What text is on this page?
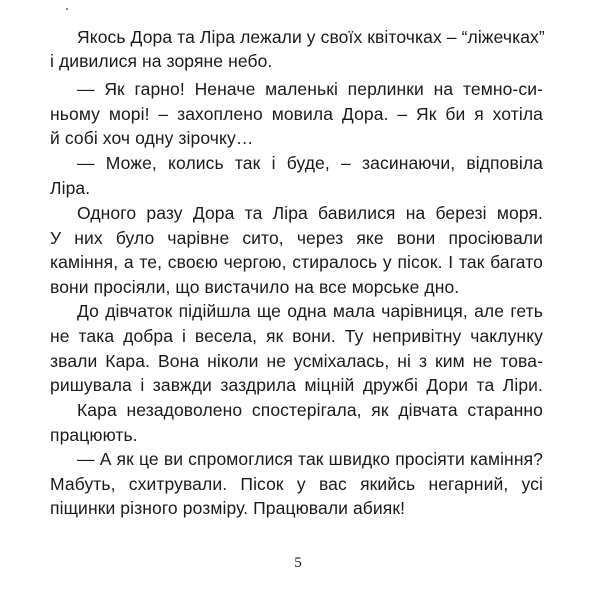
Якось Дора та Ліра лежали у своїх квіточках – “ліжечках”
і дивилися на зоряне небо.
— Як гарно! Неначе маленькі перлинки на темно-си-
ньому морі! – захоплено мовила Дора. – Як би я хотіла
й собі хоч одну зірочку…
— Може, колись так і буде, – засинаючи, відповіла
Ліра.
Одного разу Дора та Ліра бавилися на березі моря.
У них було чарівне сито, через яке вони просіювали
каміння, а те, своєю чергою, стиралось у пісок. І так багато
вони просіяли, що вистачило на все морське дно.
До дівчаток підійшла ще одна мала чарівниця, але геть
не така добра і весела, як вони. Ту непривітну чаклунку
звали Кара. Вона ніколи не усміхалась, ні з ким не това-
ришувала і завжди заздрила міцній дружбі Дори та Ліри.
Кара незадоволено спостерігала, як дівчата старанно
працюють.
— А як це ви спромоглися так швидко просіяти каміння?
Мабуть, схитрували. Пісок у вас якийсь негарний, усі
піщинки різного розміру. Працювали абияк!
5
